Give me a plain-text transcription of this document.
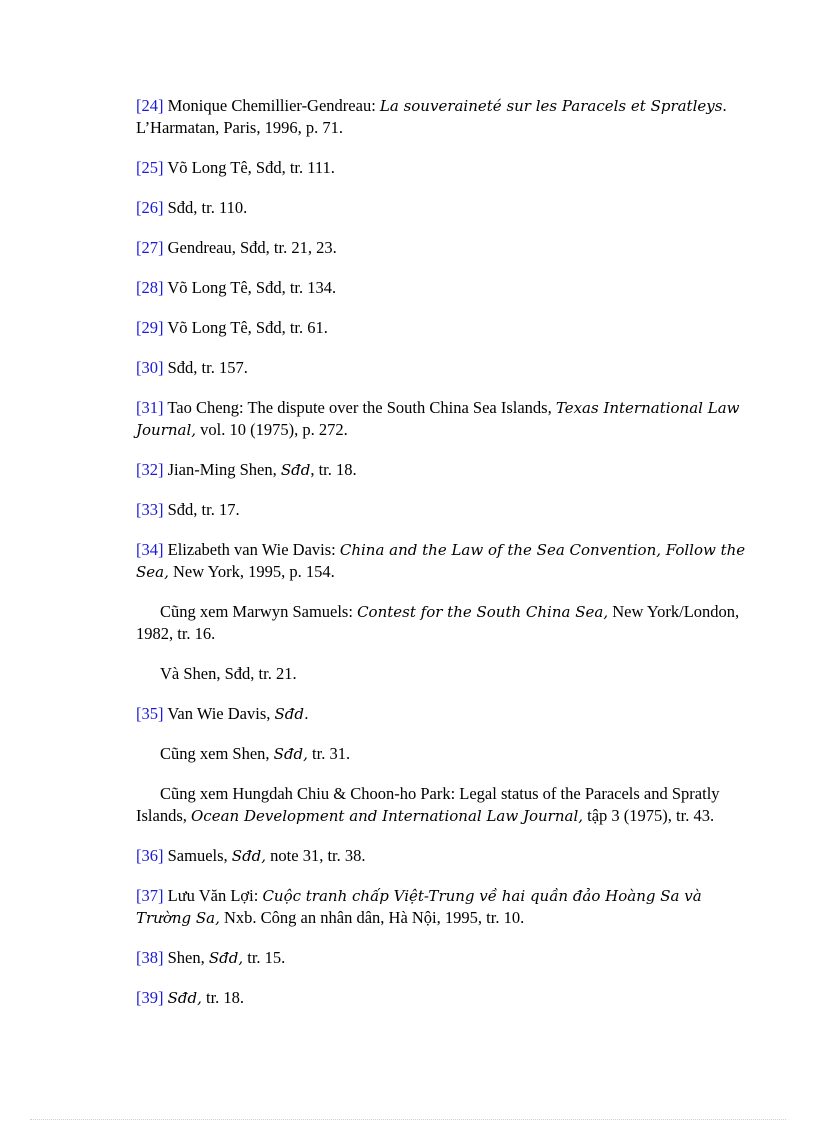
[24] Monique Chemillier-Gendreau: La souveraineté sur les Paracels et Spratleys. L’Harmatan, Paris, 1996, p. 71.

[25] Võ Long Tê, Sđd, tr. 111.

[26] Sđd, tr. 110.

[27] Gendreau, Sđd, tr. 21, 23.

[28] Võ Long Tê, Sđd, tr. 134.

[29] Võ Long Tê, Sđd, tr. 61.

[30] Sđd, tr. 157.

[31] Tao Cheng: The dispute over the South China Sea Islands, Texas International Law Journal, vol. 10 (1975), p. 272.

[32] Jian-Ming Shen, Sđd, tr. 18.

[33] Sđd, tr. 17.

[34] Elizabeth van Wie Davis: China and the Law of the Sea Convention, Follow the Sea, New York, 1995, p. 154.

Cũng xem Marwyn Samuels: Contest for the South China Sea, New York/London, 1982, tr. 16.

Và Shen, Sđd, tr. 21.

[35] Van Wie Davis, Sđd.

Cũng xem Shen, Sđd, tr. 31.

Cũng xem Hungdah Chiu & Choon-ho Park: Legal status of the Paracels and Spratly Islands, Ocean Development and International Law Journal, tập 3 (1975), tr. 43.

[36] Samuels, Sđd, note 31, tr. 38.

[37] Lưu Văn Lợi: Cuộc tranh chấp Việt-Trung về hai quần đảo Hoàng Sa và Trường Sa, Nxb. Công an nhân dân, Hà Nội, 1995, tr. 10.

[38] Shen, Sđd, tr. 15.

[39] Sđd, tr. 18.
